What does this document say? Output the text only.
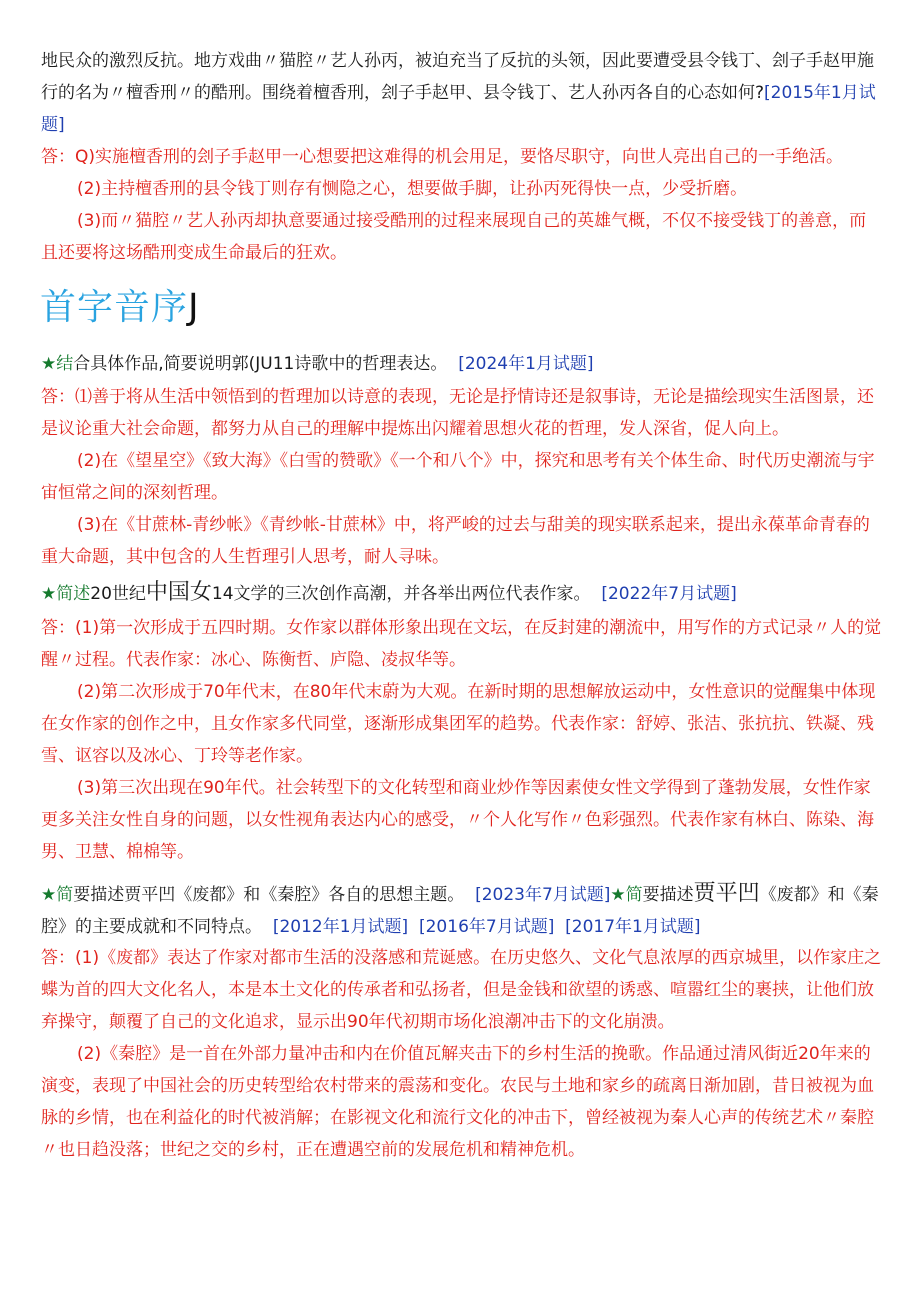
地民众的激烈反抗。地方戏曲〃猫腔〃艺人孙丙，被迫充当了反抗的头领，因此要遭受县令钱丁、刽子手赵甲施行的名为〃檀香刑〃的酷刑。围绕着檀香刑，刽子手赵甲、县令钱丁、艺人孙丙各自的心态如何?[2015年1月试题]

答：Q)实施檀香刑的刽子手赵甲一心想要把这难得的机会用足，要恪尽职守，向世人亮出自己的一手绝活。

(2)主持檀香刑的县令钱丁则存有恻隐之心，想要做手脚，让孙丙死得快一点，少受折磨。

(3)而〃猫腔〃艺人孙丙却执意要通过接受酷刑的过程来展现自己的英雄气概，不仅不接受钱丁的善意，而且还要将这场酷刑变成生命最后的狂欢。

首字音序J

★结合具体作品,简要说明郭(JU11诗歌中的哲理表达。 [2024年1月试题]

答：⑴善于将从生活中领悟到的哲理加以诗意的表现，无论是抒情诗还是叙事诗，无论是描绘现实生活图景，还是议论重大社会命题，都努力从自己的理解中提炼出闪耀着思想火花的哲理，发人深省，促人向上。

(2)在《望星空》《致大海》《白雪的赞歌》《一个和八个》中，探究和思考有关个体生命、时代历史潮流与宇宙恒常之间的深刻哲理。

(3)在《甘蔗林-青纱帐》《青纱帐-甘蔗林》中，将严峻的过去与甜美的现实联系起来，提出永葆革命青春的重大命题，其中包含的人生哲理引人思考，耐人寻味。

★简述20世纪中国女14文学的三次创作高潮，并各举出两位代表作家。 [2022年7月试题]

答：(1)第一次形成于五四时期。女作家以群体形象出现在文坛，在反封建的潮流中，用写作的方式记录〃人的觉醒〃过程。代表作家：冰心、陈衡哲、庐隐、凌叔华等。

(2)第二次形成于70年代末，在80年代末蔚为大观。在新时期的思想解放运动中，女性意识的觉醒集中体现在女作家的创作之中，且女作家多代同堂，逐渐形成集团军的趋势。代表作家：舒婷、张洁、张抗抗、铁凝、残雪、讴容以及冰心、丁玲等老作家。

(3)第三次出现在90年代。社会转型下的文化转型和商业炒作等因素使女性文学得到了蓬勃发展，女性作家更多关注女性自身的问题，以女性视角表达内心的感受，〃个人化写作〃色彩强烈。代表作家有林白、陈染、海男、卫慧、棉棉等。

★简要描述贾平凹《废都》和《秦腔》各自的思想主题。 [2023年7月试题]★简要描述贾平凹《废都》和《秦腔》的主要成就和不同特点。 [2012年1月试题] [2016年7月试题] [2017年1月试题]

答：(1)《废都》表达了作家对都市生活的没落感和荒诞感。在历史悠久、文化气息浓厚的西京城里，以作家庄之蝶为首的四大文化名人，本是本土文化的传承者和弘扬者，但是金钱和欲望的诱惑、喧嚣红尘的裹挟，让他们放弃操守，颠覆了自己的文化追求，显示出90年代初期市场化浪潮冲击下的文化崩溃。

(2)《秦腔》是一首在外部力量冲击和内在价值瓦解夹击下的乡村生活的挽歌。作品通过清风街近20年来的演变，表现了中国社会的历史转型给农村带来的震荡和变化。农民与土地和家乡的疏离日渐加剧，昔日被视为血脉的乡情，也在利益化的时代被消解；在影视文化和流行文化的冲击下，曾经被视为秦人心声的传统艺术〃秦腔〃也日趋没落；世纪之交的乡村，正在遭遇空前的发展危机和精神危机。
